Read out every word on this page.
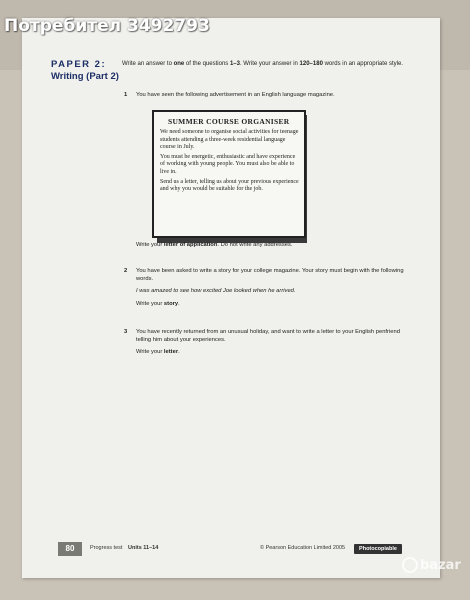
PAPER 2:
Writing (Part 2)
Write an answer to one of the questions 1–3. Write your answer in 120–180 words in an appropriate style.
1 You have seen the following advertisement in an English language magazine.

SUMMER COURSE ORGANISER

We need someone to organise social activities for teenage students attending a three-week residential language course in July.

You must be energetic, enthusiastic and have experience of working with young people. You must also be able to live in.

Send us a letter, telling us about your previous experience and why you would be suitable for the job.

Write your letter of application. Do not write any addresses.

2 You have been asked to write a story for your college magazine. Your story must begin with the following words.

I was amazed to see how excited Joe looked when he arrived.

Write your story.

3 You have recently returned from an unusual holiday, and want to write a letter to your English penfriend telling him about your experiences.

Write your letter.

80	Progress test Units 11–14	© Pearson Education Limited 2005	Photocopiable
Потребител 3492793
bazar
